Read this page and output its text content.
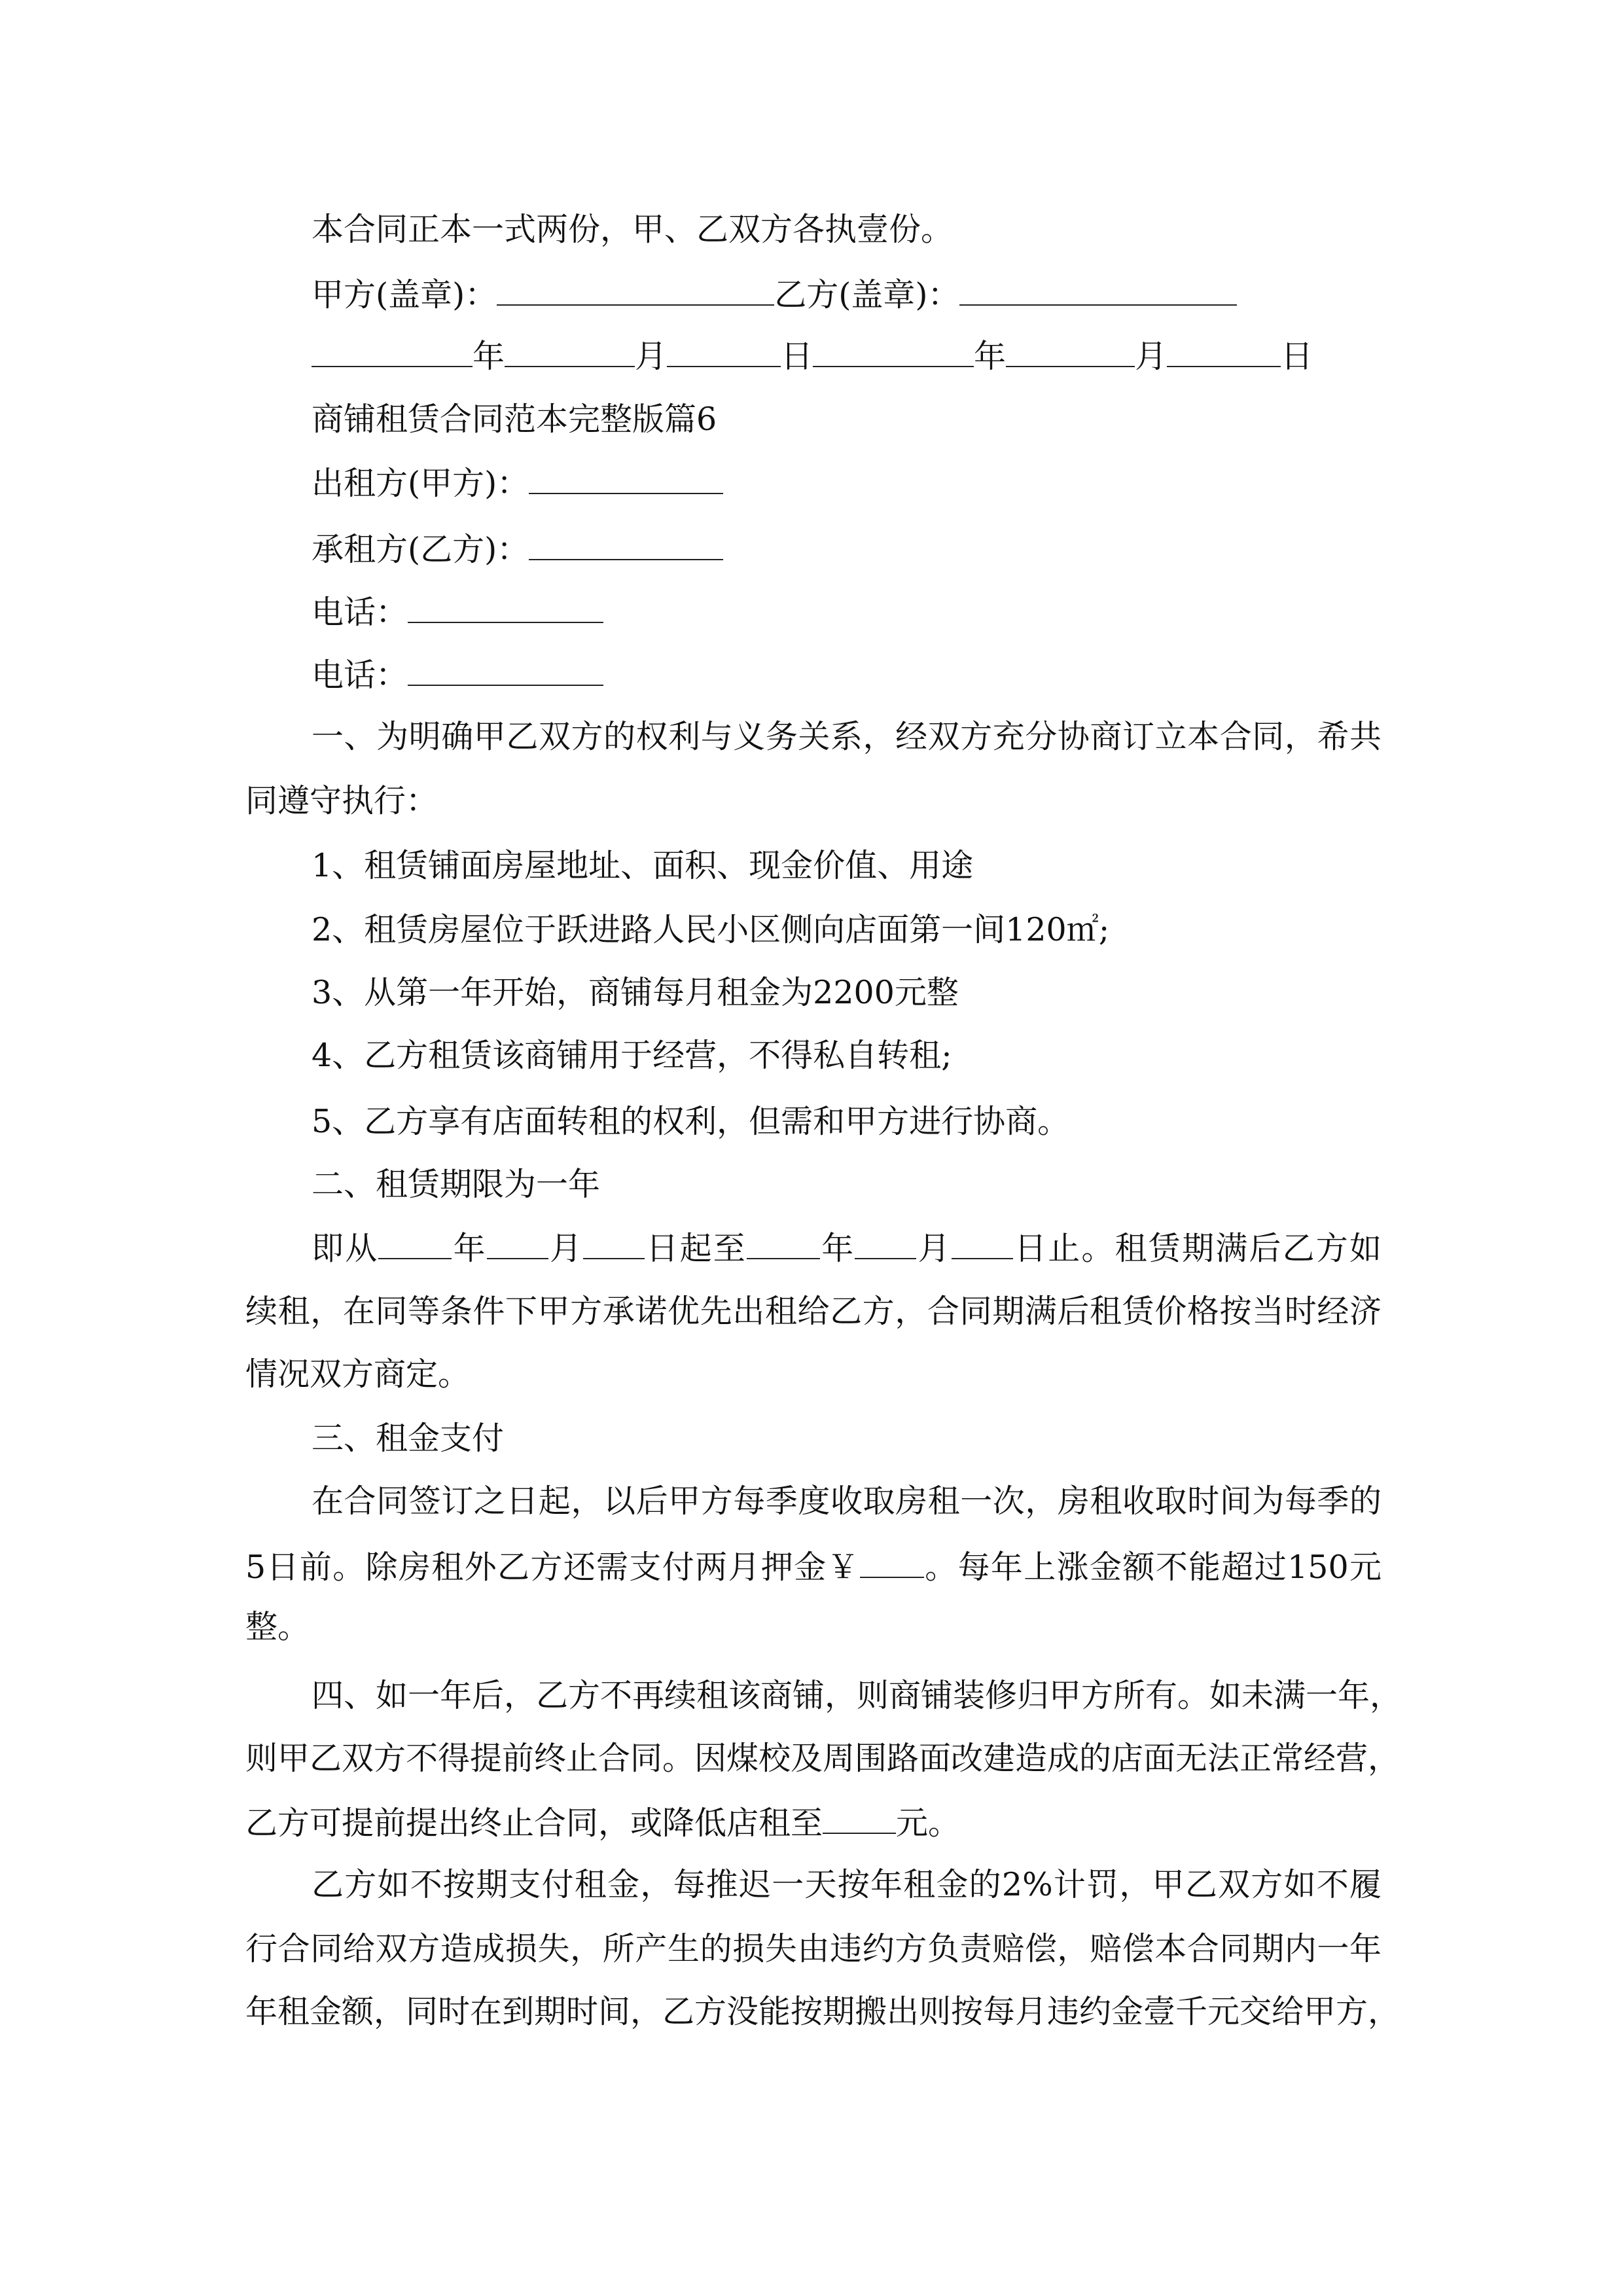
本合同正本一式两份，甲、乙双方各执壹份。
甲方(盖章)：	乙方(盖章)：
年	月	日	年	月	日
商铺租赁合同范本完整版篇6
出租方(甲方)：
承租方(乙方)：
电话：
电话：
一、为明确甲乙双方的权利与义务关系，经双方充分协商订立本合同，希共
同遵守执行：
1、租赁铺面房屋地址、面积、现金价值、用途
2、租赁房屋位于跃进路人民小区侧向店面第一间120㎡;
3、从第一年开始，商铺每月租金为2200元整
4、乙方租赁该商铺用于经营，不得私自转租;
5、乙方享有店面转租的权利，但需和甲方进行协商。
二、租赁期限为一年
即从 年 月 日起至 年 月 日止。租赁期满后乙方如
续租，在同等条件下甲方承诺优先出租给乙方，合同期满后租赁价格按当时经济
情况双方商定。
三、租金支付
在合同签订之日起，以后甲方每季度收取房租一次，房租收取时间为每季的
5日前。除房租外乙方还需支付两月押金￥ 。每年上涨金额不能超过150元
整。
四、如一年后，乙方不再续租该商铺，则商铺装修归甲方所有。如未满一年，
则甲乙双方不得提前终止合同。因煤校及周围路面改建造成的店面无法正常经营，
乙方可提前提出终止合同，或降低店租至 元。
乙方如不按期支付租金，每推迟一天按年租金的2%计罚，甲乙双方如不履
行合同给双方造成损失，所产生的损失由违约方负责赔偿，赔偿本合同期内一年
年租金额，同时在到期时间，乙方没能按期搬出则按每月违约金壹千元交给甲方，
